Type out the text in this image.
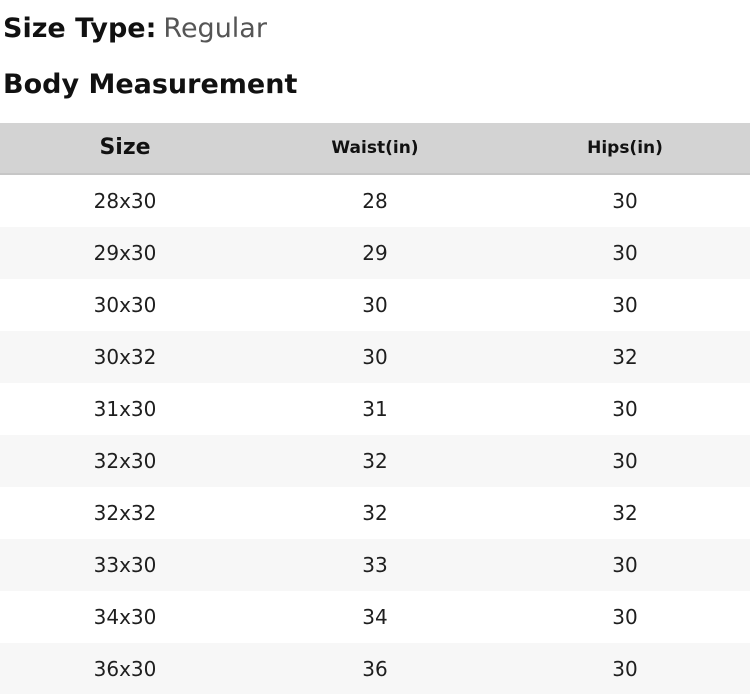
Size Type: Regular
Body Measurement
Size	Waist(in)	Hips(in)
28x30	28	30
29x30	29	30
30x30	30	30
30x32	30	32
31x30	31	30
32x30	32	30
32x32	32	32
33x30	33	30
34x30	34	30
36x30	36	30
